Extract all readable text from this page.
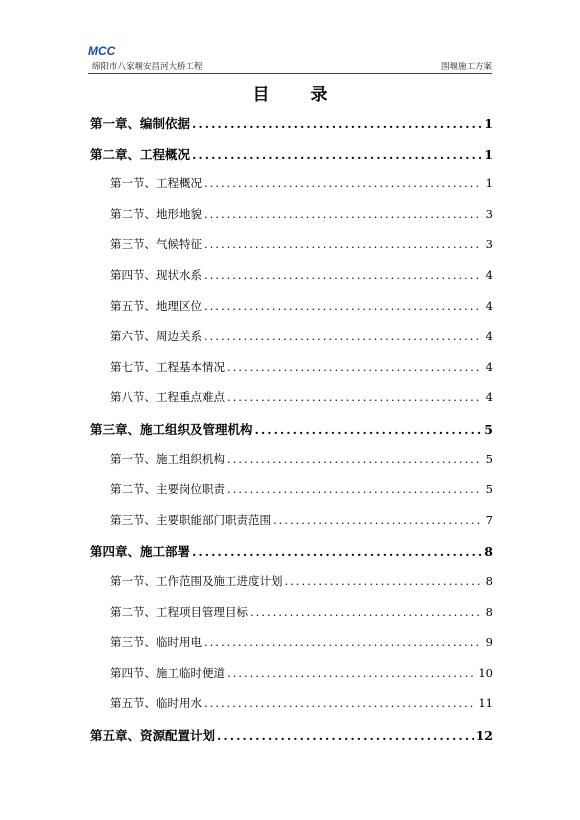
MCC
绵阳市八家堰安昌河大桥工程	围堰施工方案
目　录
第一章、编制依据 .....	1
第二章、工程概况 .....	1
第一节、工程概况 .....	1
第二节、地形地貌 .....	3
第三节、气候特征 .....	3
第四节、现状水系 .....	4
第五节、地理区位 .....	4
第六节、周边关系 .....	4
第七节、工程基本情况 .....	4
第八节、工程重点难点 .....	4
第三章、施工组织及管理机构 .....	5
第一节、施工组织机构 .....	5
第二节、主要岗位职责 .....	5
第三节、主要职能部门职责范围 .....	7
第四章、施工部署 .....	8
第一节、工作范围及施工进度计划 .....	8
第二节、工程项目管理目标 .....	8
第三节、临时用电 .....	9
第四节、施工临时便道 .....	10
第五节、临时用水 .....	11
第五章、资源配置计划 .....	12
